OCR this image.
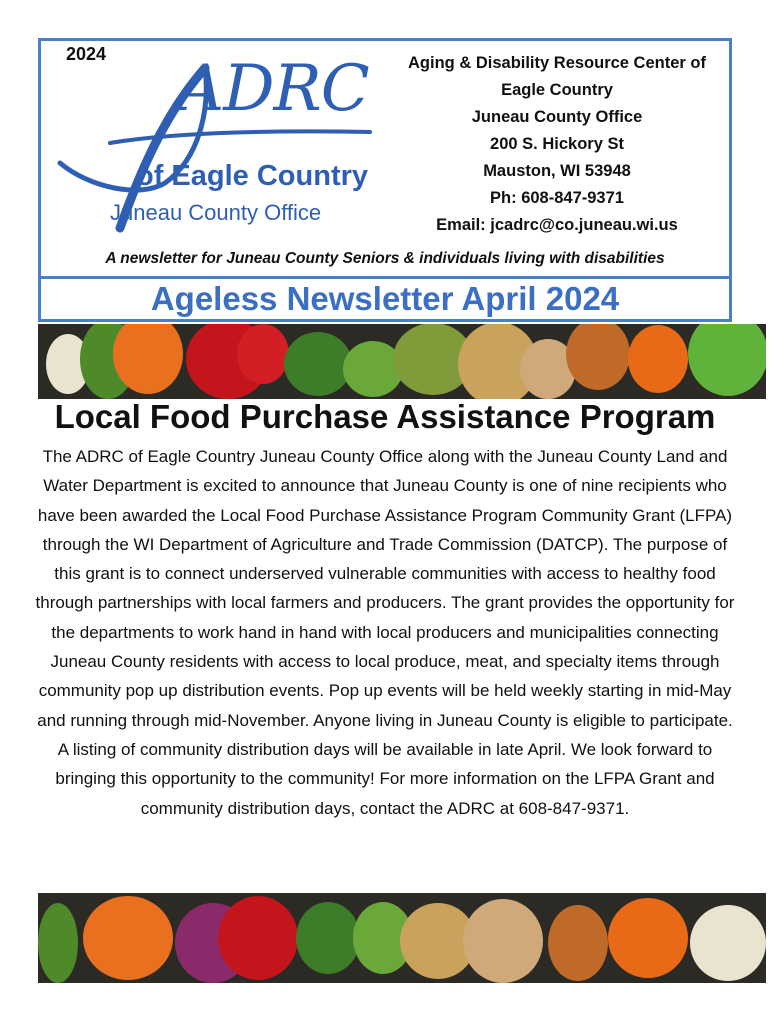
2024 ADRC
of Eagle Country
Juneau County Office
Aging & Disability Resource Center of
Eagle Country
Juneau County Office
200 S. Hickory St
Mauston, WI 53948
Ph: 608-847-9371
Email: jcadrc@co.juneau.wi.us
A newsletter for Juneau County Seniors & individuals living with disabilities
Ageless Newsletter April 2024
Local Food Purchase Assistance Program

The ADRC of Eagle Country Juneau County Office along with the Juneau County Land and Water Department is excited to announce that Juneau County is one of nine recipients who have been awarded the Local Food Purchase Assistance Program Community Grant (LFPA) through the WI Department of Agriculture and Trade Commission (DATCP). The purpose of this grant is to connect underserved vulnerable communities with access to healthy food through partnerships with local farmers and producers. The grant provides the opportunity for the departments to work hand in hand with local producers and municipalities connecting Juneau County residents with access to local produce, meat, and specialty items through community pop up distribution events. Pop up events will be held weekly starting in mid-May and running through mid-November. Anyone living in Juneau County is eligible to participate. A listing of community distribution days will be available in late April. We look forward to bringing this opportunity to the community! For more information on the LFPA Grant and community distribution days, contact the ADRC at 608-847-9371.
